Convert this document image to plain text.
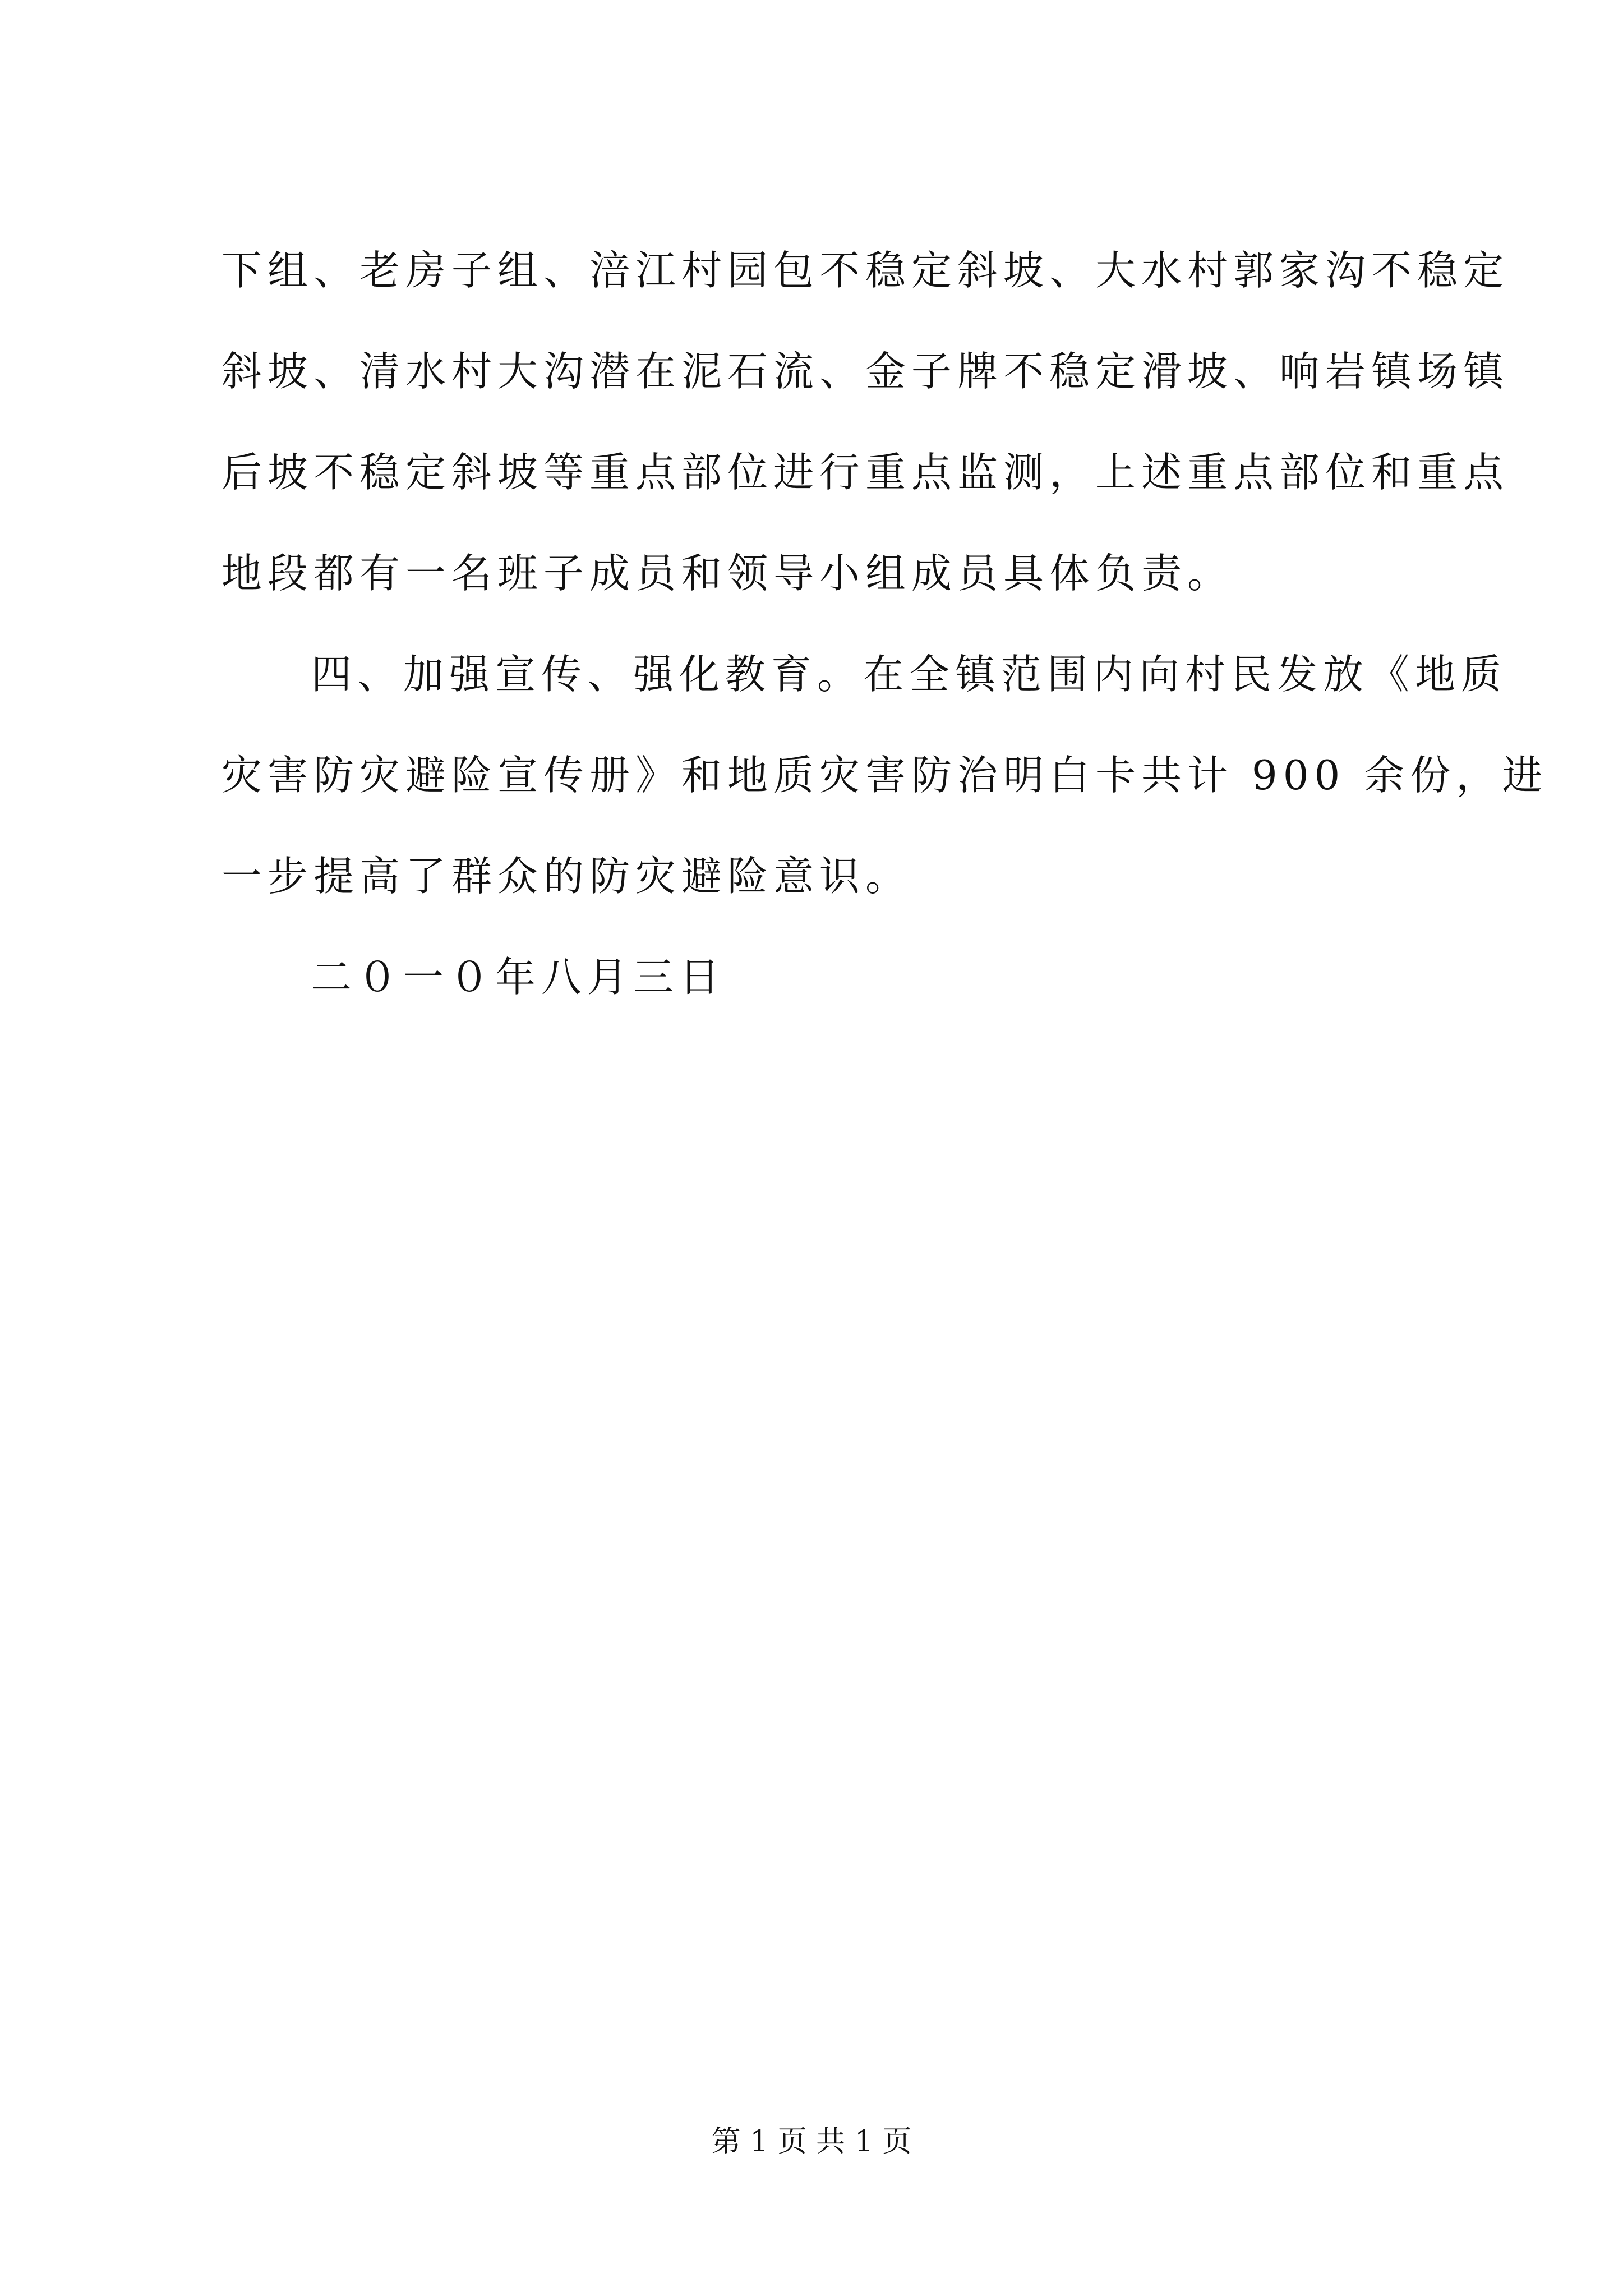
下组、老房子组、涪江村园包不稳定斜坡、大水村郭家沟不稳定
斜坡、清水村大沟潜在泥石流、金子牌不稳定滑坡、响岩镇场镇
后坡不稳定斜坡等重点部位进行重点监测，上述重点部位和重点
地段都有一名班子成员和领导小组成员具体负责。
四、加强宣传、强化教育。在全镇范围内向村民发放《地质
灾害防灾避险宣传册》和地质灾害防治明白卡共计 900 余份，进
一步提高了群众的防灾避险意识。
二０一０年八月三日
第 1 页 共 1 页
